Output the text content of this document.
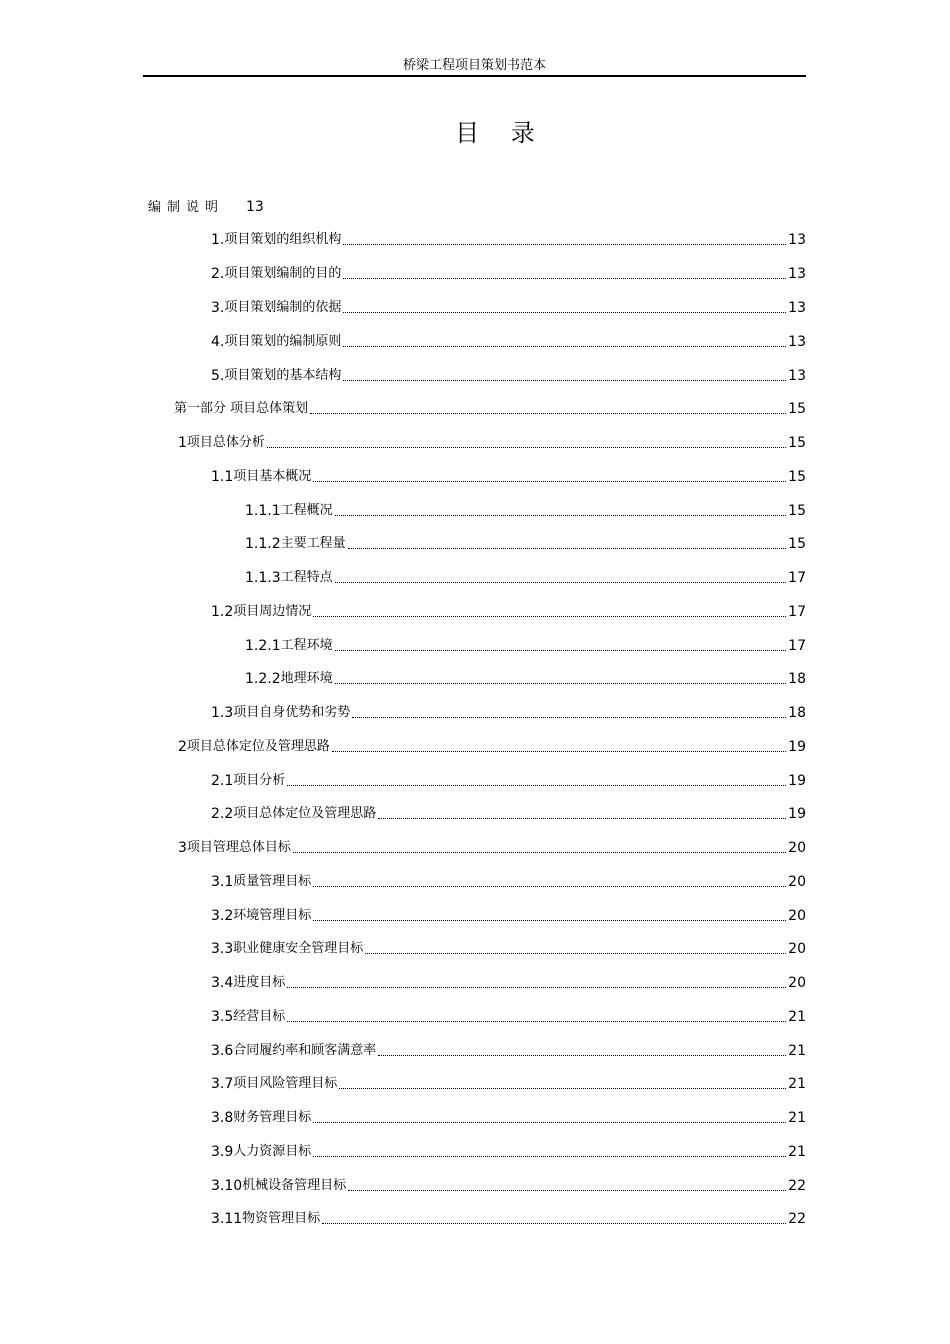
桥梁工程项目策划书范本
目 录
编制说明 13
1. 项目策划的组织机构	13
2. 项目策划编制的目的	13
3. 项目策划编制的依据	13
4. 项目策划的编制原则	13
5. 项目策划的基本结构	13
第一部分 项目总体策划	15
1 项目总体分析	15
1.1 项目基本概况	15
1.1.1 工程概况	15
1.1.2 主要工程量	15
1.1.3 工程特点	17
1.2 项目周边情况	17
1.2.1 工程环境	17
1.2.2 地理环境	18
1.3 项目自身优势和劣势	18
2 项目总体定位及管理思路	19
2.1 项目分析	19
2.2 项目总体定位及管理思路	19
3 项目管理总体目标	20
3.1 质量管理目标	20
3.2 环境管理目标	20
3.3 职业健康安全管理目标	20
3.4 进度目标	20
3.5 经营目标	21
3.6 合同履约率和顾客满意率	21
3.7 项目风险管理目标	21
3.8 财务管理目标	21
3.9 人力资源目标	21
3.10 机械设备管理目标	22
3.11 物资管理目标	22
